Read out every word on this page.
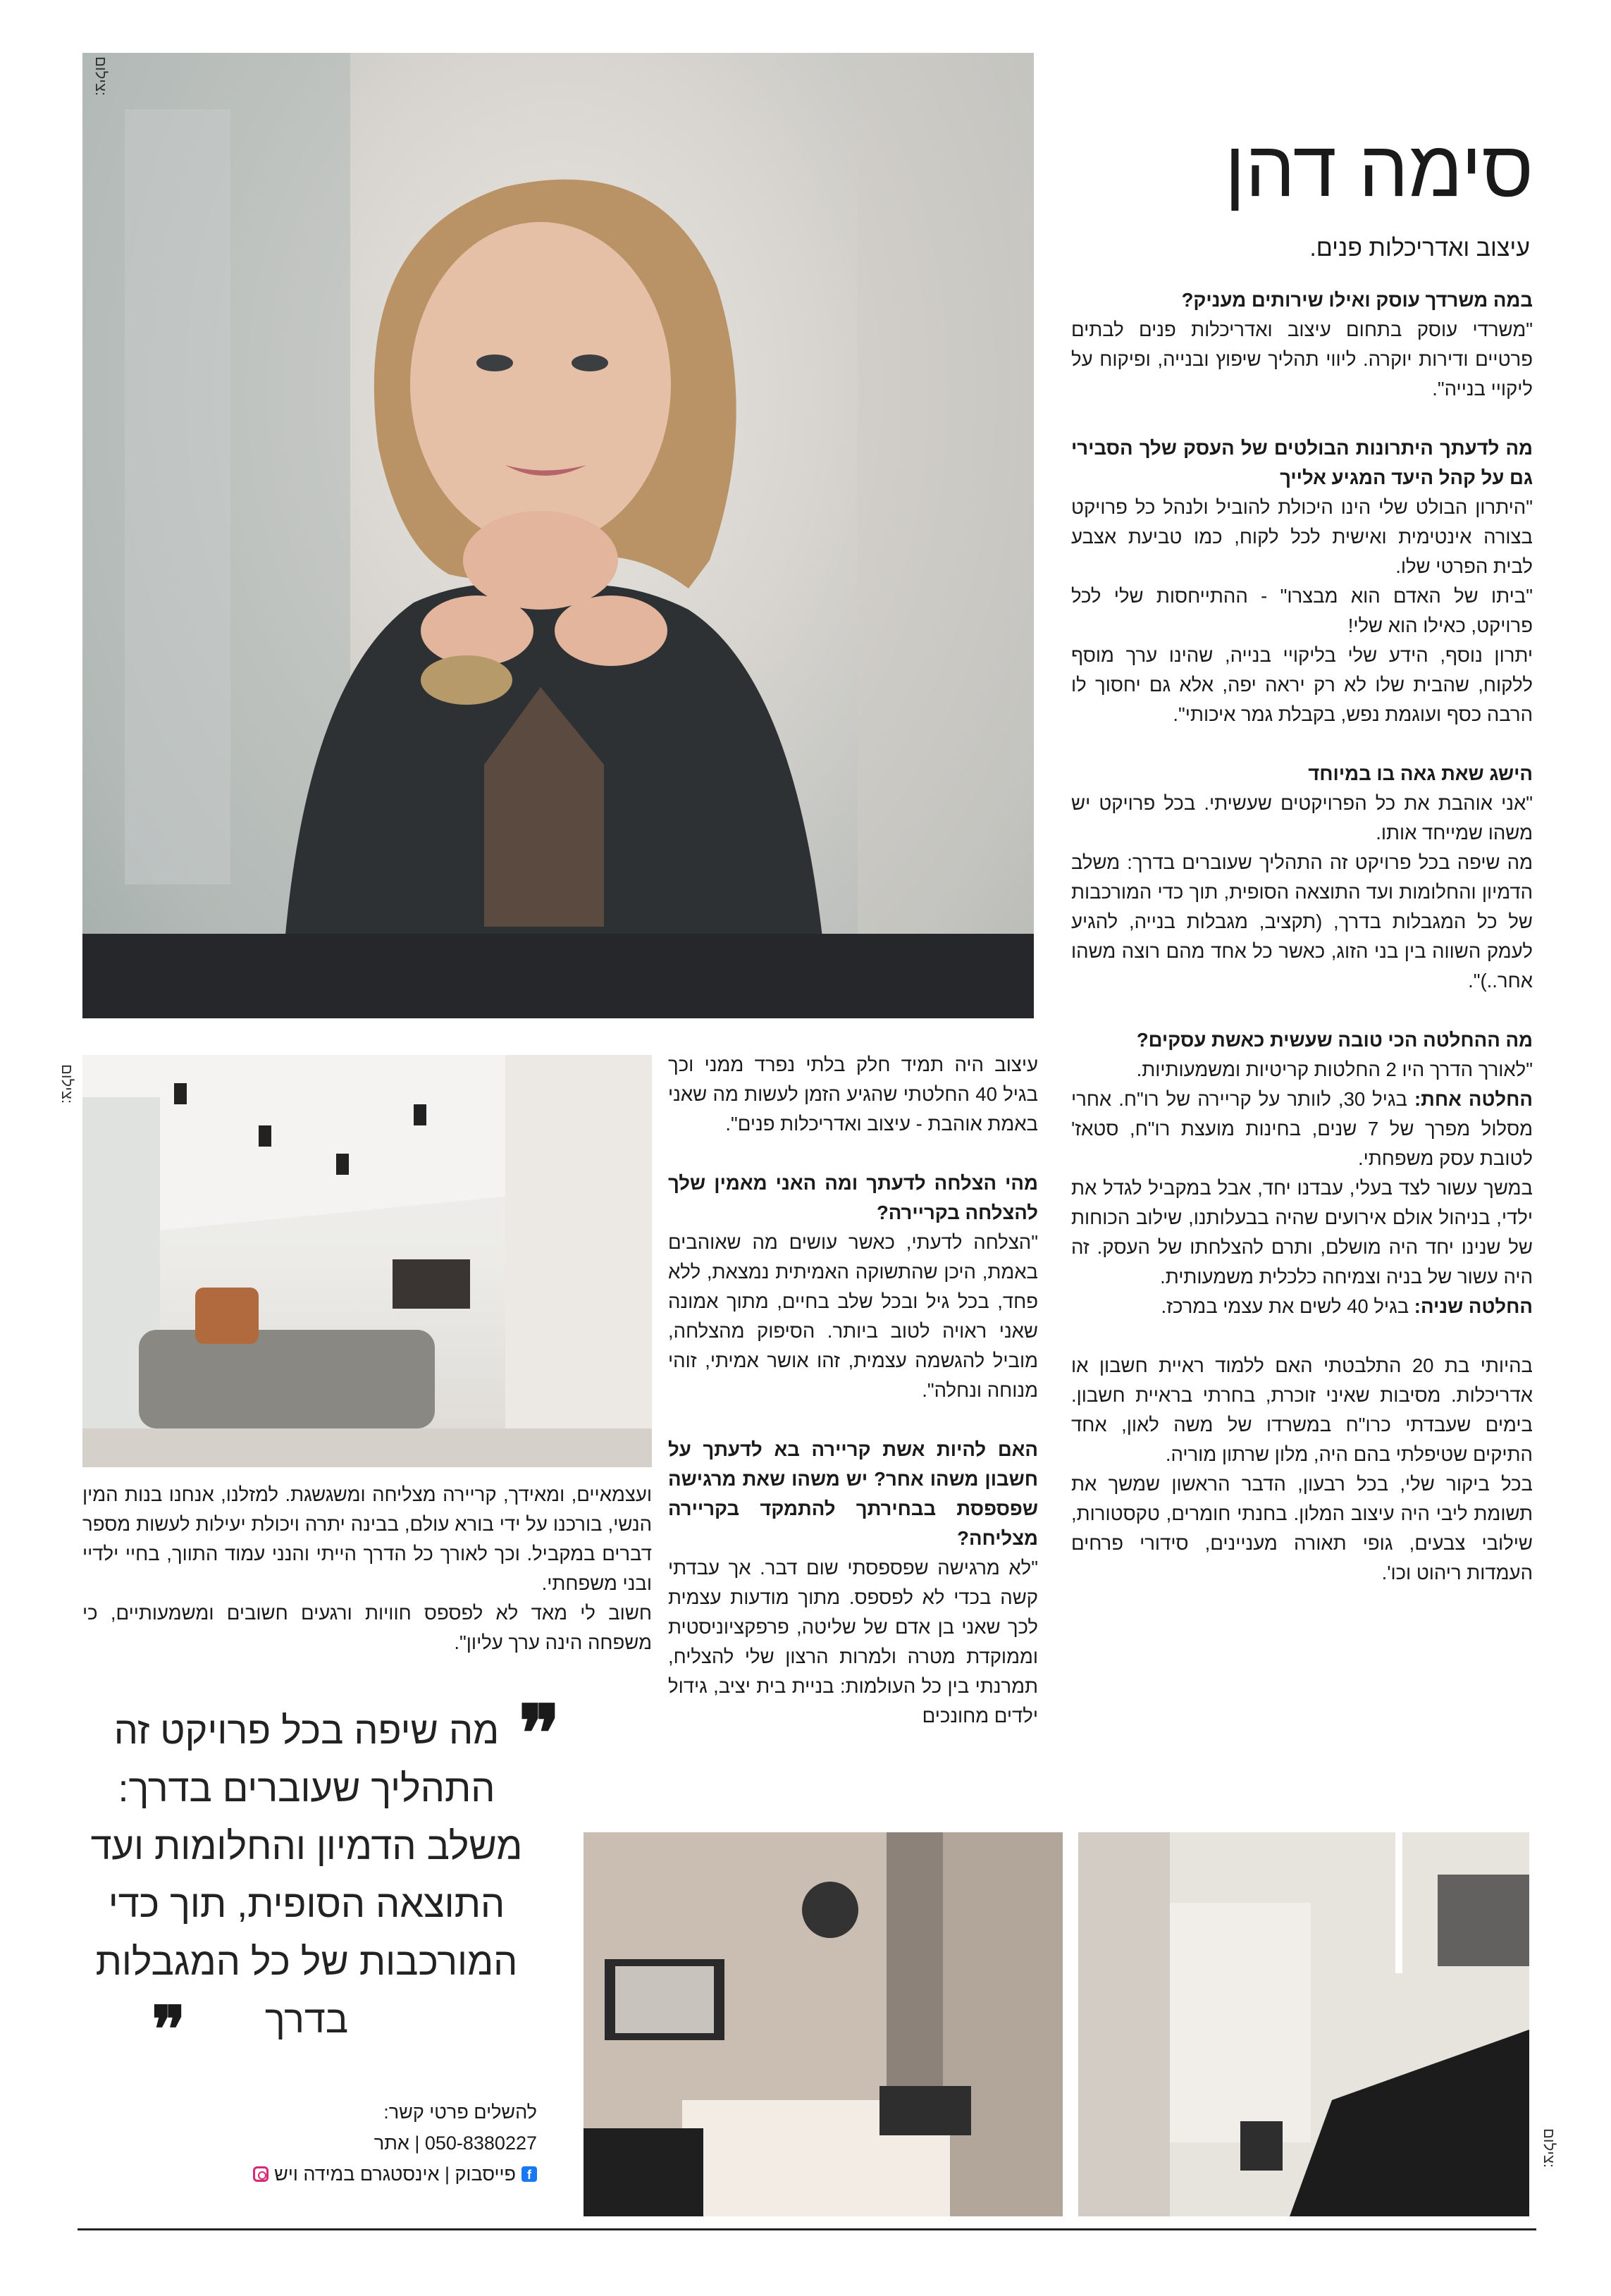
צילום:
סימה דהן
עיצוב ואדריכלות פנים.

במה משרדך עוסק ואילו שירותים מעניק?

"משרדי עוסק בתחום עיצוב ואדריכלות פנים לבתים פרטיים ודירות יוקרה. ליווי תהליך שיפוץ ובנייה, ופיקוח על ליקויי בנייה".

מה לדעתך היתרונות הבולטים של העסק שלך הסבירי גם על קהל היעד המגיע אלייך

"היתרון הבולט שלי הינו היכולת להוביל ולנהל כל פרויקט בצורה אינטימית ואישית לכל לקוח, כמו טביעת אצבע לבית הפרטי שלו.

"ביתו של האדם הוא מבצרו" - ההתייחסות שלי לכל פרויקט, כאילו הוא שלי!

יתרון נוסף, הידע שלי בליקויי בנייה, שהינו ערך מוסף ללקוח, שהבית שלו לא רק יראה יפה, אלא גם יחסוך לו הרבה כסף ועוגמת נפש, בקבלת גמר איכותי".

הישג שאת גאה בו במיוחד

"אני אוהבת את כל הפרויקטים שעשיתי. בכל פרויקט יש משהו שמייחד אותו.

מה שיפה בכל פרויקט זה התהליך שעוברים בדרך: משלב הדמיון והחלומות ועד התוצאה הסופית, תוך כדי המורכבות של כל המגבלות בדרך, (תקציב, מגבלות בנייה, להגיע לעמק השווה בין בני הזוג, כאשר כל אחד מהם רוצה משהו אחר..)".

מה ההחלטה הכי טובה שעשית כאשת עסקים?

"לאורך הדרך היו 2 החלטות קריטיות ומשמעותיות.

החלטה אחת: בגיל 30, לוותר על קריירה של רו"ח. אחרי מסלול מפרך של 7 שנים, בחינות מועצת רו"ח, סטאז' לטובת עסק משפחתי.

במשך עשור לצד בעלי, עבדנו יחד, אבל במקביל לגדל את ילדי, בניהול אולם אירועים שהיה בבעלותנו, שילוב הכוחות של שנינו יחד היה מושלם, ותרם להצלחתו של העסק. זה היה עשור של בניה וצמיחה כלכלית משמעותית.

החלטה שניה: בגיל 40 לשים את עצמי במרכז.

בהיותי בת 20 התלבטתי האם ללמוד ראיית חשבון או אדריכלות. מסיבות שאיני זוכרת, בחרתי בראיית חשבון. בימים שעבדתי כרו"ח במשרדו של משה לאון, אחד התיקים שטיפלתי בהם היה, מלון שרתון מוריה.

בכל ביקור שלי, בכל רבעון, הדבר הראשון שמשך את תשומת ליבי היה עיצוב המלון. בחנתי חומרים, טקסטורות, שילובי צבעים, גופי תאורה מעניינים, סידורי פרחים העמדות ריהוט וכו'.

צילום:

עיצוב היה תמיד חלק בלתי נפרד ממני וכך בגיל 40 החלטתי שהגיע הזמן לעשות מה שאני באמת אוהבת - עיצוב ואדריכלות פנים".

מהי הצלחה לדעתך ומה האני מאמין שלך להצלחה בקריירה?

"הצלחה לדעתי, כאשר עושים מה שאוהבים באמת, היכן שהתשוקה האמיתית נמצאת, ללא פחד, בכל גיל ובכל שלב בחיים, מתוך אמונה שאני ראויה לטוב ביותר. הסיפוק מהצלחה, מוביל להגשמה עצמית, זהו אושר אמיתי, זוהי מנוחה ונחלה".

האם להיות אשת קריירה בא לדעתך על חשבון משהו אחר? יש משהו שאת מרגישה שפספסת בבחירתך להתמקד בקריירה מצליחה?

"לא מרגישה שפספסתי שום דבר. אך עבדתי קשה בכדי לא לפספס. מתוך מודעות עצמית לכך שאני בן אדם של שליטה, פרפקציוניסטית וממוקדת מטרה ולמרות הרצון שלי להצליח, תמרנתי בין כל העולמות: בניית בית יציב, גידול ילדים מחונכים

ועצמאיים, ומאידך, קריירה מצליחה ומשגשגת. למזלנו, אנחנו בנות המין הנשי, בורכנו על ידי בורא עולם, בבינה יתרה ויכולת יעילות לעשות מספר דברים במקביל. וכך לאורך כל הדרך הייתי והנני עמוד התווך, בחיי ילדיי ובני משפחתי.

חשוב לי מאד לא לפספס חוויות ורגעים חשובים ומשמעותיים, כי משפחה הינה ערך עליון".

❞
מה שיפה בכל פרויקט זה התהליך שעוברים בדרך: משלב הדמיון והחלומות ועד התוצאה הסופית, תוך כדי המורכבות של כל המגבלות בדרך
❞
להשלים פרטי קשר:
050-8380227 | אתר
פייסבוק | אינסטגרם במידה ויש f
צילום:
